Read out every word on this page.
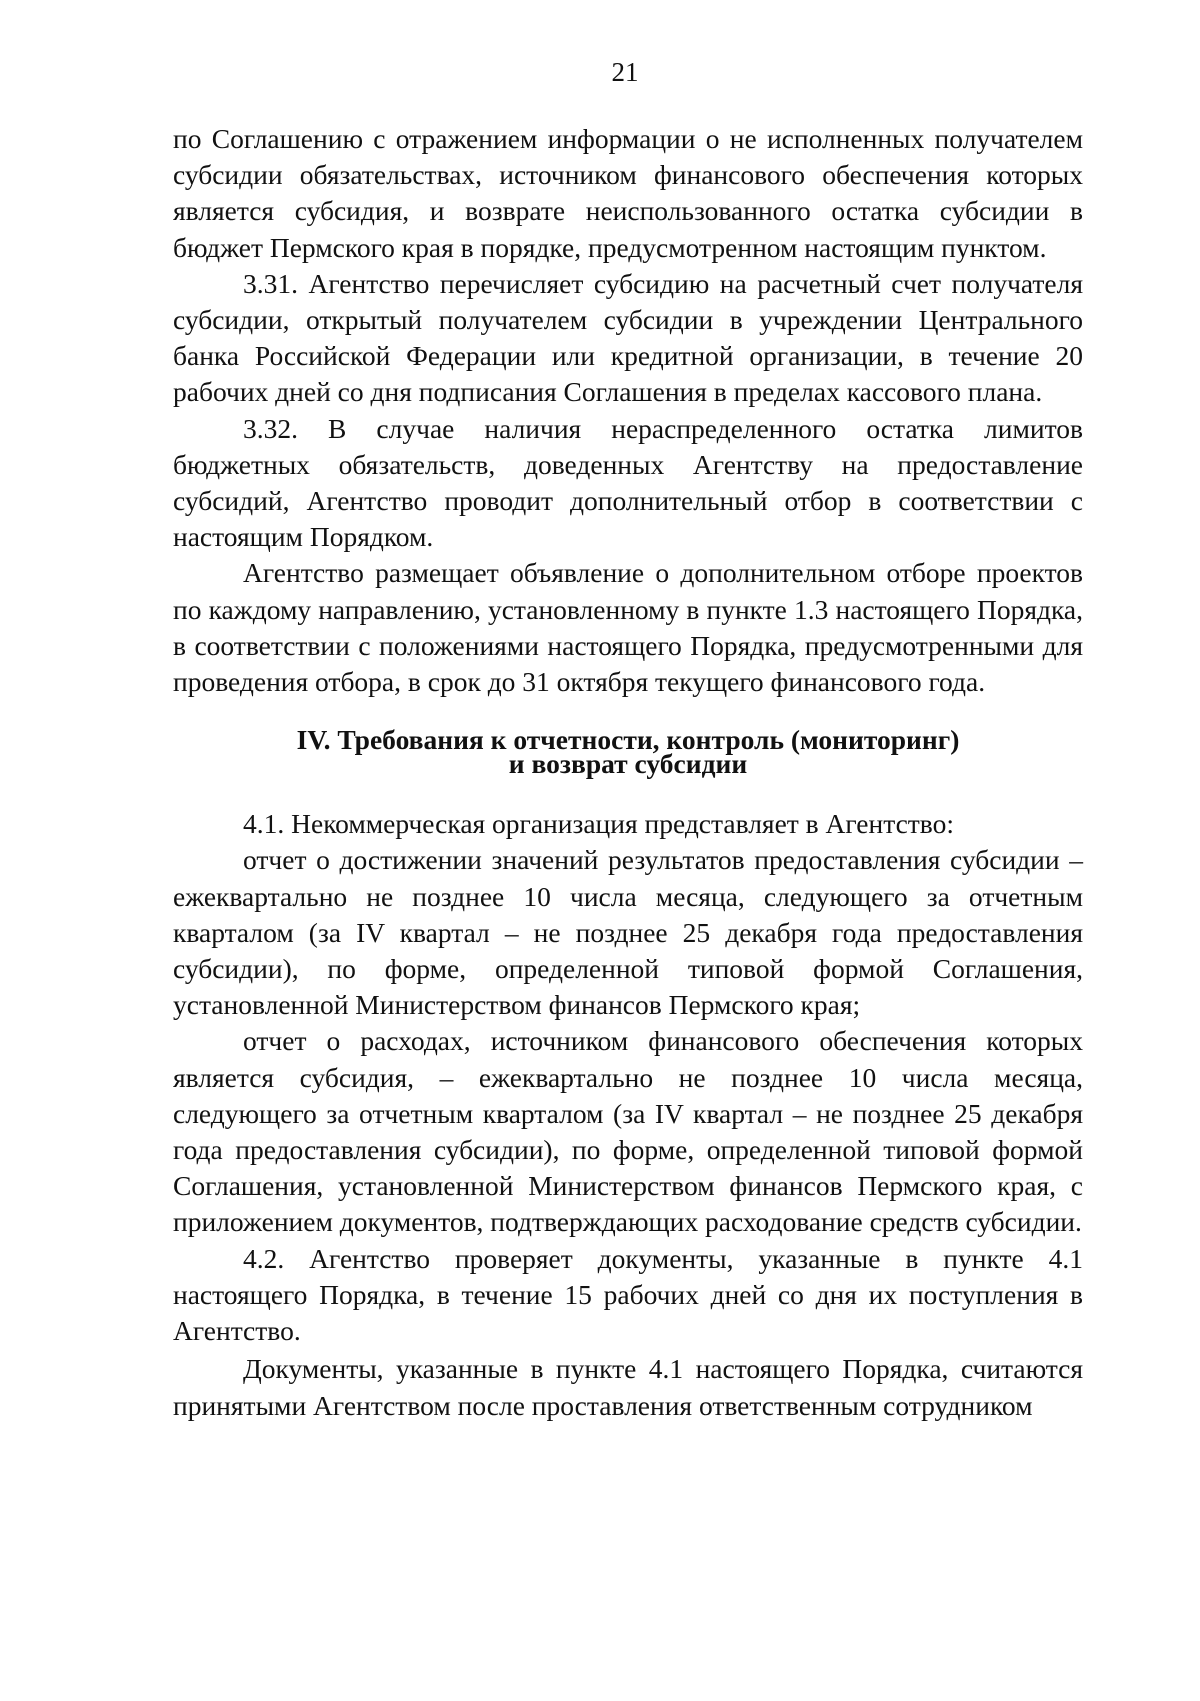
21

по Соглашению с отражением информации о не исполненных получателем субсидии обязательствах, источником финансового обеспечения которых является субсидия, и возврате неиспользованного остатка субсидии в бюджет Пермского края в порядке, предусмотренном настоящим пунктом.

3.31. Агентство перечисляет субсидию на расчетный счет получателя субсидии, открытый получателем субсидии в учреждении Центрального банка Российской Федерации или кредитной организации, в течение 20 рабочих дней со дня подписания Соглашения в пределах кассового плана.

3.32. В случае наличия нераспределенного остатка лимитов бюджетных обязательств, доведенных Агентству на предоставление субсидий, Агентство проводит дополнительный отбор в соответствии с настоящим Порядком.

Агентство размещает объявление о дополнительном отборе проектов по каждому направлению, установленному в пункте 1.3 настоящего Порядка, в соответствии с положениями настоящего Порядка, предусмотренными для проведения отбора, в срок до 31 октября текущего финансового года.

IV. Требования к отчетности, контроль (мониторинг)
и возврат субсидии

4.1. Некоммерческая организация представляет в Агентство:

отчет о достижении значений результатов предоставления субсидии – ежеквартально не позднее 10 числа месяца, следующего за отчетным кварталом (за IV квартал – не позднее 25 декабря года предоставления субсидии), по форме, определенной типовой формой Соглашения, установленной Министерством финансов Пермского края;

отчет о расходах, источником финансового обеспечения которых является субсидия, – ежеквартально не позднее 10 числа месяца, следующего за отчетным кварталом (за IV квартал – не позднее 25 декабря года предоставления субсидии), по форме, определенной типовой формой Соглашения, установленной Министерством финансов Пермского края, с приложением документов, подтверждающих расходование средств субсидии.

4.2. Агентство проверяет документы, указанные в пункте 4.1 настоящего Порядка, в течение 15 рабочих дней со дня их поступления в Агентство.

Документы, указанные в пункте 4.1 настоящего Порядка, считаются принятыми Агентством после проставления ответственным сотрудником
